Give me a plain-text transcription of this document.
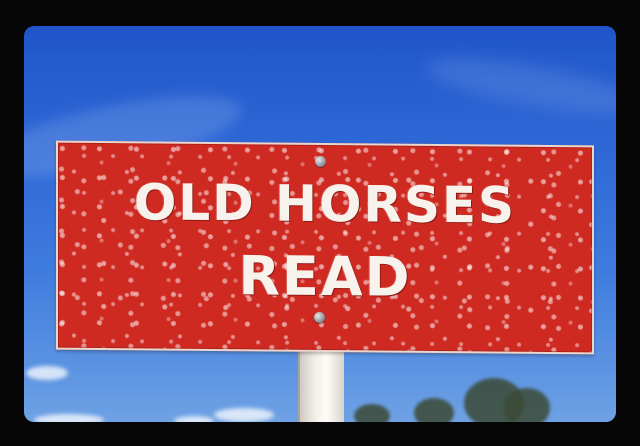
OLD HORSES
READ
